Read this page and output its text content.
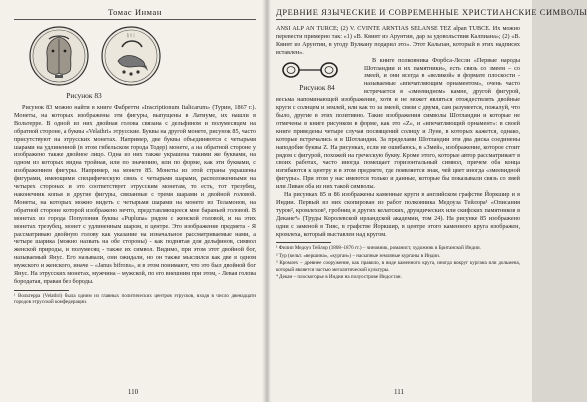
Томас Инман
ᚱᚾᛁ
Рисунок 83

Рисунок 83 можно найти в книге Фабретти «Inscriptionum Italicarum» (Турин, 1867 г.). Монеты, на которых изображены эти фигуры, выпущены в Латиуме, их нашли в Вольтерре. В одной из них двойная голова связана с дельфином и полумесяцем на обратной стороне, а буквы «Velathri» этрусские. Буквы на другой монете, рисунок 85, часто присутствуют на этрусских монетах. Например, две буквы объединяются с четырьмя шарами на удлиненной (в этом гибельском города Тодер) монете, а на обратной стороне у изображено также двойное лицо. Одна из них также украшена такими же буквами, на одном из которых видна тройная, или по значению, или по форме, как эти буквами, с изображением фигуры. Например, на монете 85. Монеты из этой страны украшены фигурами, имеющими специфическую связь с четырьмя шарами, расположенными на четырех сторонах и это соответствует этрусским монетам, то есть, тот трезубец, наконечник копья и другие фигуры, связанные с тремя шарами и двойной головой. Монеты, на которых можно видеть с четырьмя шарами на монете из Теламонов, на обратной стороне которой изображено нечто, представляющееся мне бараньей головой. В монетах из города Популония буквы «Pupluna» рядом с женской головой, и на этих монетах трезубец, монет с удлиненным шаром, в центре. Это изображение предмета - Я рассматриваю двойную голову как указание на изначальное рассматриваемые нами, а четыре шарика (можно назвать на обе стороны) - как поднятая для дельфинов, символ женской природы, и полумесяц - также их символ. Видимо, при этом этот двойной бог, называемый Янус. Его называли, они ожидали, но он также мыслился как две в одном мужского и женского, иначе – «Janus bifrons», и в этом понимают, что это был двойной бог Янус. На этрусских монетах, мужчина – мужской, по его внешним при этом, - Левая голова бородатая, правая без бороды.

¹ Вольтерра (Velathri) была одним из главных политических центров этрусков, входя в число двенадцати городов этрусской конфедерации.

110
ДРЕВНИЕ ЯЗЫЧЕСКИЕ И СОВРЕМЕННЫЕ ХРИСТИАНСКИЕ СИМВОЛЫ

ANSI ALP AN TURCE; (2) V. CVINTE ARNTIAS SELANSE TEZ alpan TUBCE. Их можно перевести примерно так: «1) «В. Квинт из Арунтии, дар за удовольствия Калпиана»; (2) «В. Квинт из Арунтии, в угоду Вулкану подарил это». Этот Кальпан, который в этих надписях вставлен».

Рисунок 84

В книге полковника Форбса-Лесли «Первые народы Шотландии и их памятники», есть связь со змеем – со змеей, и они всегда в «великой» в формате плоскости - называемые «впечатляющим орнаментом», очень часто встречается в «змеевидном» камне, другой фигурой, весьма напоминающей изображение, хотя и не может являться отождествлять двойные круги с солнцем и землей, или как то за змеей, связи с двумя, сам разумеется, пожалуй, что было, другие в этих позитивно. Такие изображения символы Шотландии и которые не отмечены в книге рисунком в форме, как это «Z», и «впечатляющий орнамент»: в своей книге приведены четыре случая посвящений солнцу и Луне, в которых кажется, однако, которые встречались и в Шотландии. За пределами Шотландии эти два диска соединены наподобие буквы Z. На рисунках, если не ошибаюсь, в «Змей», изображение, которое стоит рядом с фигурой, похожей на греческую букву. Кроме этого, которые автор рассматривает в своих работах, часто иногда помещает горизонтальный символ, причем оба конца изгибаются к центру и в этом предмете, где появляется знак, чей цвет иногда «змеевидной фигуры». При этом у нас имеются только и данные, которые бы показывали связь со змей или Ливан оба из них такой символы.

На рисунках 85 и 86 изображены каменные круги в английском графстве Йоркшир и в Индии. Первый из них скопирован из работ полковника Медоуза Тейлора¹ «Описания туров², кромлехов³, гробниц и других келатских, друидических или скифских памятников в Декане⁴» (Труды Королевской ирландской академии, том 24). На рисунке 85 изображено одни с заменой в Тивс, в графстве Йоркшир, в центре этого каменного круга изображен, кромлеха, который выставлен над кругом.

¹ Филип Медоуз Тейлор (1808–1876 гг.) – чиновник, романист, художник в Британской Индии.

² Тур (кельт. «вершина», «курган») – насыпные земляные курганы в Индии.

³ Кромлех – древнее сооружение, как правило, в виде каменного круга, иногда вокруг кургана или дольмена, который является частью мегалитической культуры.

⁴ Декан – плоскогорье в Индии на полуострове Индостан.

111
